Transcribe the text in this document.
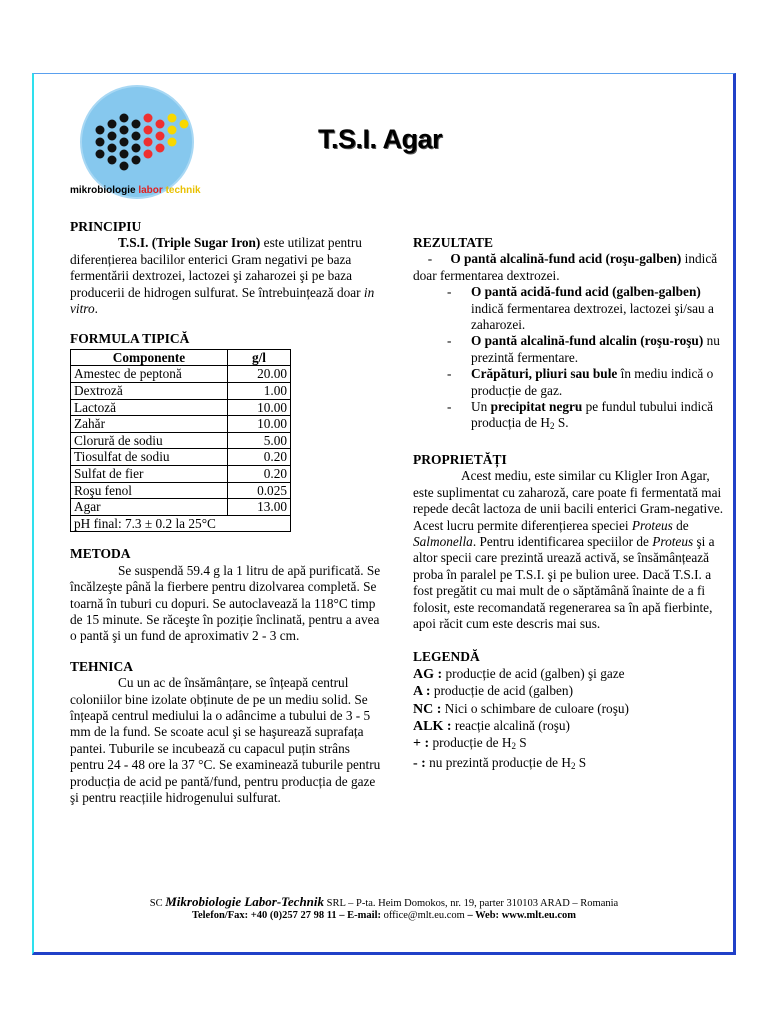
mikrobiologie labor technik
T.S.I. Agar
PRINCIPIU

T.S.I. (Triple Sugar Iron) este utilizat pentru diferențierea bacililor enterici Gram negativi pe baza fermentării dextrozei, lactozei şi zaharozei şi pe baza producerii de hidrogen sulfurat. Se întrebuințează doar in vitro.

FORMULA TIPICĂ
Componente	g/l
Amestec de peptonă	20.00
Dextroză	1.00
Lactoză	10.00
Zahăr	10.00
Clorură de sodiu	5.00
Tiosulfat de sodiu	0.20
Sulfat de fier	0.20
Roşu fenol	0.025
Agar	13.00
pH final: 7.3 ± 0.2 la 25°C	
METODA

Se suspendă 59.4 g la 1 litru de apă purificată. Se încălzeşte până la fierbere pentru dizolvarea completă. Se toarnă în tuburi cu dopuri. Se autoclavează la 118°C timp de 15 minute. Se răceşte în poziție înclinată, pentru a avea o pantă şi un fund de aproximativ 2 - 3 cm.

TEHNICA

Cu un ac de însămânțare, se înțeapă centrul coloniilor bine izolate obținute de pe un mediu solid. Se înțeapă centrul mediului la o adâncime a tubului de 3 - 5 mm de la fund. Se scoate acul şi se haşurează suprafața pantei. Tuburile se incubează cu capacul puțin strâns pentru 24 - 48 ore la 37 °C. Se examinează tuburile pentru producția de acid pe pantă/fund, pentru producția de gaze şi pentru reacțiile hidrogenului sulfurat.

REZULTATE
- O pantă alcalină-fund acid (roşu-galben) indică doar fermentarea dextrozei.
- O pantă acidă-fund acid (galben-galben) indică fermentarea dextrozei, lactozei şi/sau a zaharozei.
- O pantă alcalină-fund alcalin (roşu-roşu) nu prezintă fermentare.
- Crăpături, pliuri sau bule în mediu indică o producție de gaz.
- Un precipitat negru pe fundul tubului indică producția de $H_2$ S.
PROPRIETĂȚI

Acest mediu, este similar cu Kligler Iron Agar, este suplimentat cu zaharoză, care poate fi fermentată mai repede decât lactoza de unii bacili enterici Gram-negative. Acest lucru permite diferențierea speciei Proteus de Salmonella. Pentru identificarea speciilor de Proteus şi a altor specii care prezintă urează activă, se însămânțează proba în paralel pe T.S.I. şi pe bulion uree. Dacă T.S.I. a fost pregătit cu mai mult de o săptămână înainte de a fi folosit, este recomandată regenerarea sa în apă fierbinte, apoi răcit cum este descris mai sus.

LEGENDĂ
AG : producție de acid (galben) şi gaze
A : producție de acid (galben)
NC : Nici o schimbare de culoare (roşu)
ALK : reacție alcalină (roşu)
+ : producție de $H_2$ S
- : nu prezintă producție de $H_2$ S
SC Mikrobiologie Labor-Technik SRL – P-ta. Heim Domokos, nr. 19, parter 310103 ARAD – Romania
Telefon/Fax: +40 (0)257 27 98 11 – E-mail: office@mlt.eu.com – Web: www.mlt.eu.com
